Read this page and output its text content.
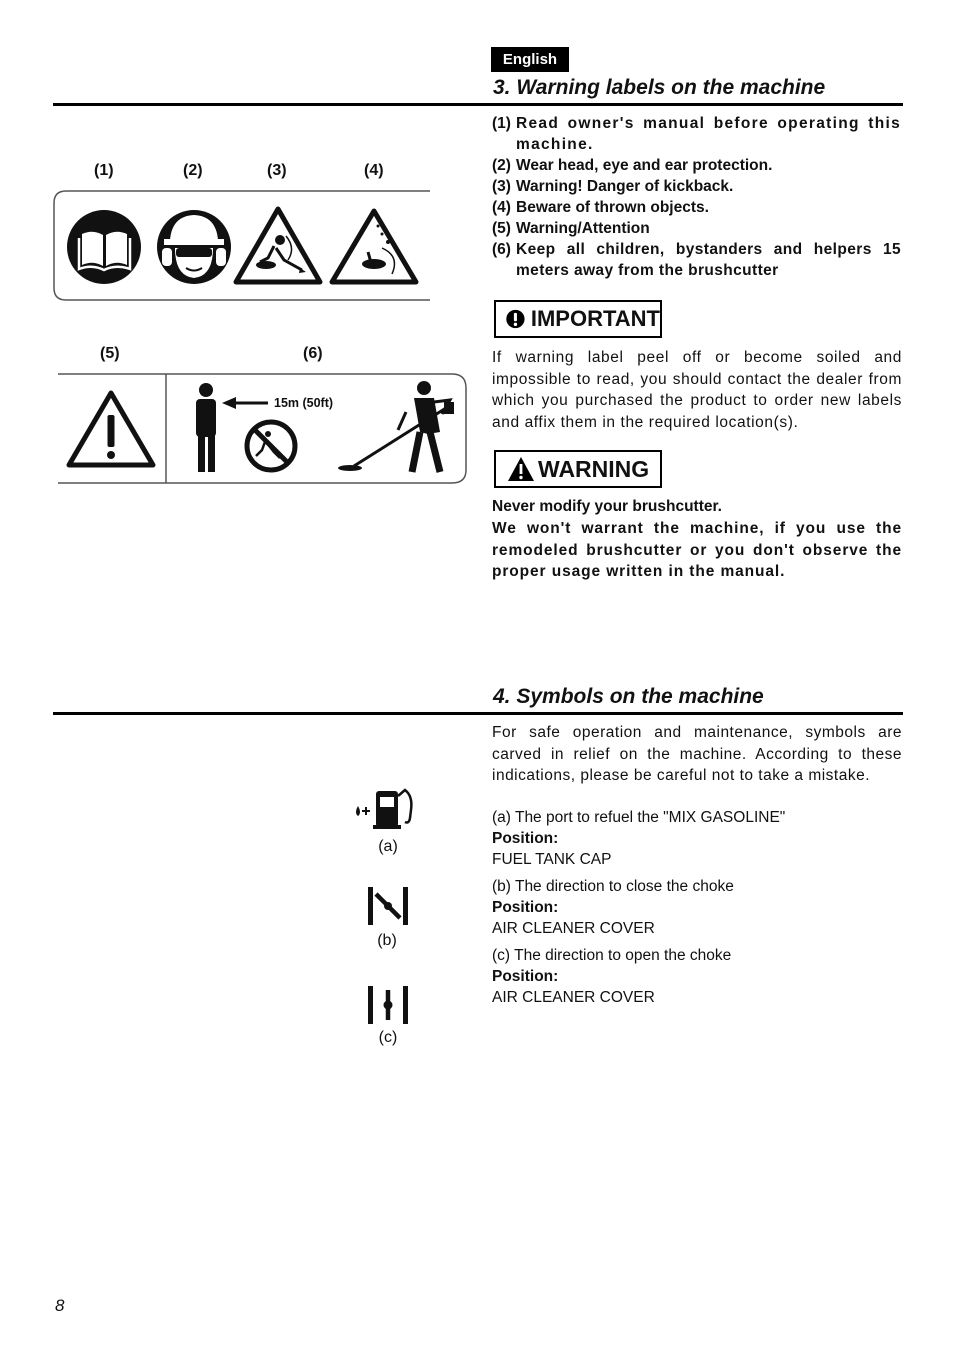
English
3. Warning labels on the machine
(1) Read owner's manual before operating this machine.
(2) Wear head, eye and ear protection.
(3) Warning! Danger of kickback.
(4) Beware of thrown objects.
(5) Warning/Attention
(6) Keep all children, bystanders and helpers 15 meters away from the brushcutter
IMPORTANT
If warning label peel off or become soiled and impossible to read, you should contact the dealer from which you purchased the product to order new labels and affix them in the required location(s).
WARNING
Never modify your brushcutter.
We won't warrant the machine, if you use the remodeled brushcutter or you don't observe the proper usage written in the manual.
(1)	(2)	(3)	(4)
(5)	(6)
15m (50ft)
4. Symbols on the machine
For safe operation and maintenance, symbols are carved in relief on the machine. According to these indications, please be careful not to take a mistake.
(a)
(b)
(c)
(a) The port to refuel the "MIX GASOLINE"
Position:
FUEL TANK CAP
(b) The direction to close the choke
Position:
AIR CLEANER COVER
(c) The direction to open the choke
Position:
AIR CLEANER COVER
8
